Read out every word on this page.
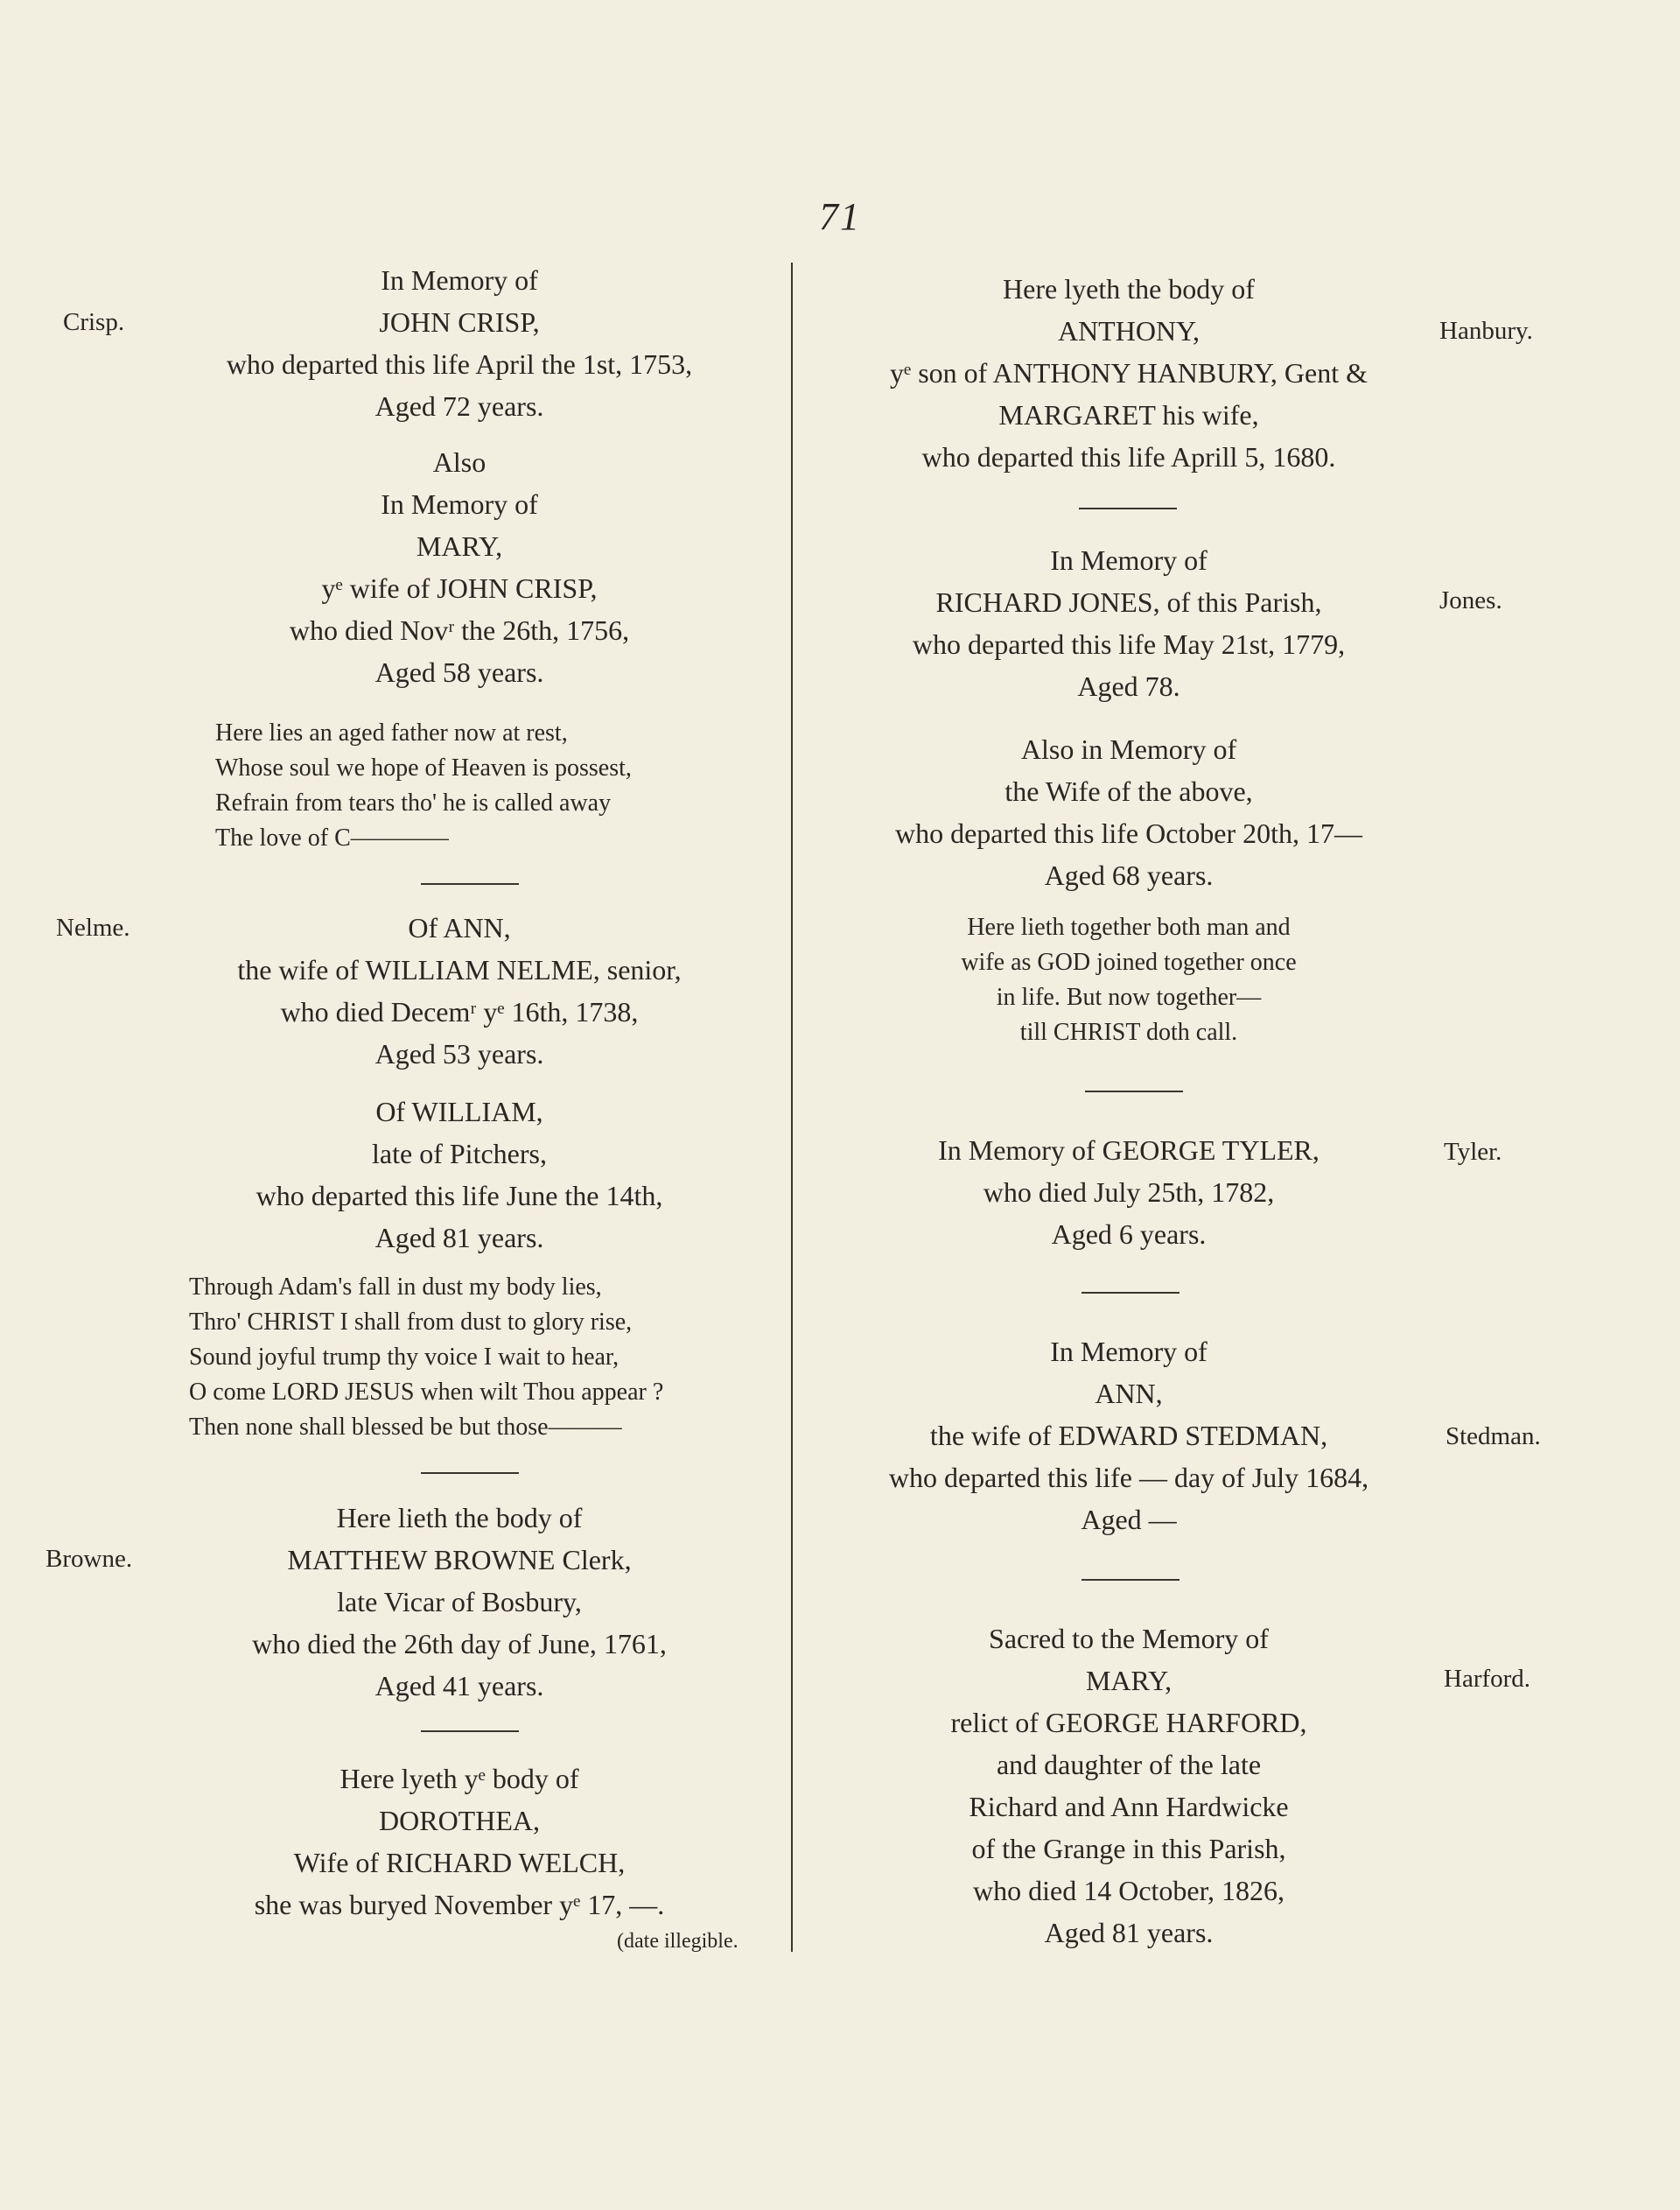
71
Crisp.
Nelme.
Browne.
Hanbury.
Jones.
Tyler.
Stedman.
Harford.

In Memory of

JOHN CRISP,

who departed this life April the 1st, 1753,

Aged 72 years.

Also

In Memory of

MARY,

yᵉ wife of JOHN CRISP,

who died Novʳ the 26th, 1756,

Aged 58 years.

Here lies an aged father now at rest,

Whose soul we hope of Heaven is possest,

Refrain from tears tho' he is called away

The love of C————

Of ANN,

the wife of WILLIAM NELME, senior,

who died Decemʳ yᵉ 16th, 1738,

Aged 53 years.

Of WILLIAM,

late of Pitchers,

who departed this life June the 14th,

Aged 81 years.

Through Adam's fall in dust my body lies,

Thro' CHRIST I shall from dust to glory rise,

Sound joyful trump thy voice I wait to hear,

O come LORD JESUS when wilt Thou appear ?

Then none shall blessed be but those———

Here lieth the body of

MATTHEW BROWNE Clerk,

late Vicar of Bosbury,

who died the 26th day of June, 1761,

Aged 41 years.

Here lyeth yᵉ body of

DOROTHEA,

Wife of RICHARD WELCH,

she was buryed November yᵉ 17, —.

(date illegible.

Here lyeth the body of

ANTHONY,

yᵉ son of ANTHONY HANBURY, Gent &

MARGARET his wife,

who departed this life Aprill 5, 1680.

In Memory of

RICHARD JONES, of this Parish,

who departed this life May 21st, 1779,

Aged 78.

Also in Memory of

the Wife of the above,

who departed this life October 20th, 17—

Aged 68 years.

Here lieth together both man and

wife as GOD joined together once

in life. But now together—

till CHRIST doth call.

In Memory of GEORGE TYLER,

who died July 25th, 1782,

Aged 6 years.

In Memory of

ANN,

the wife of EDWARD STEDMAN,

who departed this life — day of July 1684,

Aged —

Sacred to the Memory of

MARY,

relict of GEORGE HARFORD,

and daughter of the late

Richard and Ann Hardwicke

of the Grange in this Parish,

who died 14 October, 1826,

Aged 81 years.
